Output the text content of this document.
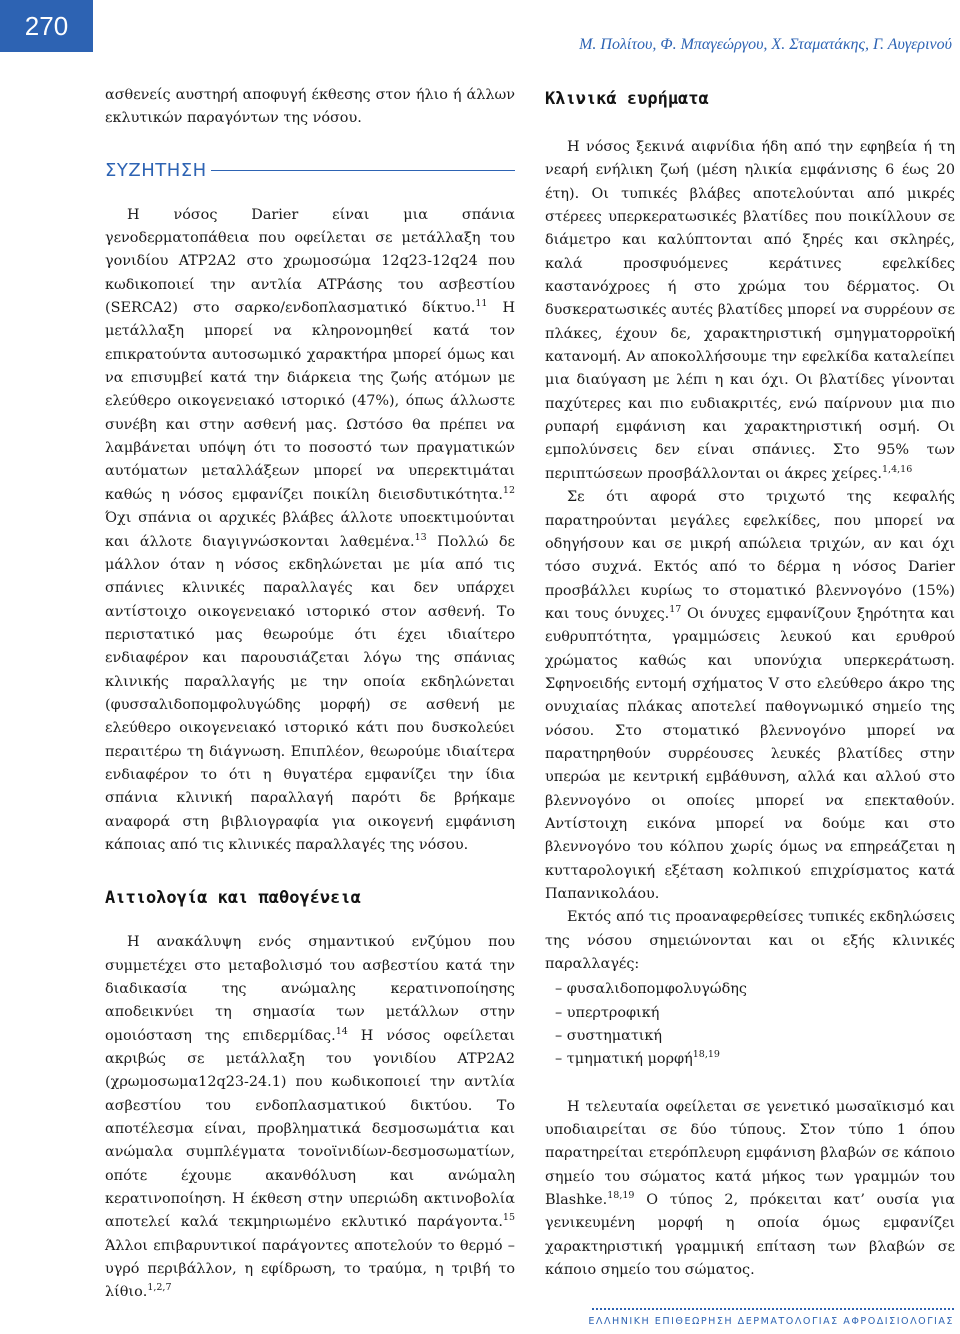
270
Μ. Πολίτου, Φ. Μπαγεώργου, Χ. Σταματάκης, Γ. Αυγερινού

ασθενείς αυστηρή αποφυγή έκθεσης στον ήλιο ή άλλων εκλυτικών παραγόντων της νόσου.

ΣΥΖΗΤΗΣΗ

Η νόσος Darier είναι μια σπάνια γενοδερματοπάθεια που οφείλεται σε μετάλλαξη του γονιδίου ATP2A2 στο χρωμοσώμα 12q23-12q24 που κωδικοποιεί την αντλία ATPάσης του ασβεστίου (SERCA2) στο σαρκο/ενδοπλασματικό δίκτυο.$^{11}$ Η μετάλλαξη μπορεί να κληρονομηθεί κατά τον επικρατούντα αυτοσωμικό χαρακτήρα μπορεί όμως και να επισυμβεί κατά την διάρκεια της ζωής ατόμων με ελεύθερο οικογενειακό ιστορικό (47%), όπως άλλωστε συνέβη και στην ασθενή μας. Ωστόσο θα πρέπει να λαμβάνεται υπόψη ότι το ποσοστό των πραγματικών αυτόματων μεταλλάξεων μπορεί να υπερεκτιμάται καθώς η νόσος εμφανίζει ποικίλη διεισδυτικότητα.$^{12}$ Όχι σπάνια οι αρχικές βλάβες άλλοτε υποεκτιμούνται και άλλοτε διαγιγνώσκονται λαθεμένα.$^{13}$ Πολλώ δε μάλλον όταν η νόσος εκδηλώνεται με μία από τις σπάνιες κλινικές παραλλαγές και δεν υπάρχει αντίστοιχο οικογενειακό ιστορικό στον ασθενή. Το περιστατικό μας θεωρούμε ότι έχει ιδιαίτερο ενδιαφέρον και παρουσιάζεται λόγω της σπάνιας κλινικής παραλλαγής με την οποία εκδηλώνεται (φυσσαλιδοπομφολυγώδης μορφή) σε ασθενή με ελεύθερο οικογενειακό ιστορικό κάτι που δυσκολεύει περαιτέρω τη διάγνωση. Επιπλέον, θεωρούμε ιδιαίτερα ενδιαφέρον το ότι η θυγατέρα εμφανίζει την ίδια σπάνια κλινική παραλλαγή παρότι δε βρήκαμε αναφορά στη βιβλιογραφία για οικογενή εμφάνιση κάποιας από τις κλινικές παραλλαγές της νόσου.

Αιτιολογία και παθογένεια

Η ανακάλυψη ενός σημαντικού ενζύμου που συμμετέχει στο μεταβολισμό του ασβεστίου κατά την διαδικασία της ανώμαλης κερατινοποίησης αποδεικνύει τη σημασία των μετάλλων στην ομοιόσταση της επιδερμίδας.$^{14}$ Η νόσος οφείλεται ακριβώς σε μετάλλαξη του γονιδίου ATP2A2 (χρωμοσωμα12q23-24.1) που κωδικοποιεί την αντλία ασβεστίου του ενδοπλασματικού δικτύου. Το αποτέλεσμα είναι, προβληματικά δεσμοσωμάτια και ανώμαλα συμπλέγματα τονοϊνιδίων-δεσμοσωματίων, οπότε έχουμε ακανθόλυση και ανώμαλη κερατινοποίηση. Η έκθεση στην υπεριώδη ακτινοβολία αποτελεί καλά τεκμηριωμένο εκλυτικό παράγοντα.$^{15}$ Άλλοι επιβαρυντικοί παράγοντες αποτελούν το θερμό –υγρό περιβάλλον, η εφίδρωση, το τραύμα, η τριβή το λίθιο.$^{1,2,7}$

Κλινικά ευρήματα

Η νόσος ξεκινά αιφνίδια ήδη από την εφηβεία ή τη νεαρή ενήλικη ζωή (μέση ηλικία εμφάνισης 6 έως 20 έτη). Οι τυπικές βλάβες αποτελούνται από μικρές στέρεες υπερκερατωσικές βλατίδες που ποικίλλουν σε διάμετρο και καλύπτονται από ξηρές και σκληρές, καλά προσφυόμενες κεράτινες εφελκίδες καστανόχροες ή στο χρώμα του δέρματος. Οι δυσκερατωσικές αυτές βλατίδες μπορεί να συρρέουν σε πλάκες, έχουν δε, χαρακτηριστική σμηγματορροϊκή κατανομή. Αν αποκολλήσουμε την εφελκίδα καταλείπει μια διαύγαση με λέπι η και όχι. Οι βλατίδες γίνονται παχύτερες και πιο ευδιακριτές, ενώ παίρνουν μια πιο ρυπαρή εμφάνιση και χαρακτηριστική οσμή. Οι εμπολύνσεις δεν είναι σπάνιες. Στο 95% των περιπτώσεων προσβάλλονται οι άκρες χείρες.$^{1,4,16}$

Σε ότι αφορά στο τριχωτό της κεφαλής παρατηρούνται μεγάλες εφελκίδες, που μπορεί να οδηγήσουν και σε μικρή απώλεια τριχών, αν και όχι τόσο συχνά. Εκτός από το δέρμα η νόσος Darier προσβάλλει κυρίως το στοματικό βλεννογόνο (15%) και τους όνυχες.$^{17}$ Οι όνυχες εμφανίζουν ξηρότητα και ευθρυπτότητα, γραμμώσεις λευκού και ερυθρού χρώματος καθώς και υπονύχια υπερκεράτωση. Σφηνοειδής εντομή σχήματος V στο ελεύθερο άκρο της ονυχιαίας πλάκας αποτελεί παθογνωμικό σημείο της νόσου. Στο στοματικό βλεννογόνο μπορεί να παρατηρηθούν συρρέουσες λευκές βλατίδες στην υπερώα με κεντρική εμβάθυνση, αλλά και αλλού στο βλεννογόνο οι οποίες μπορεί να επεκταθούν. Αντίστοιχη εικόνα μπορεί να δούμε και στο βλεννογόνο του κόλπου χωρίς όμως να επηρεάζεται η κυτταρολογική εξέταση κολπικού επιχρίσματος κατά Παπανικολάου.

Εκτός από τις προαναφερθείσες τυπικές εκδηλώσεις της νόσου σημειώνονται και οι εξής κλινικές παραλλαγές:

– φυσαλιδοπομφολυγώδης
– υπερτροφική
– συστηματική
– τμηματική μορφή$^{18,19}$

Η τελευταία οφείλεται σε γενετικό μωσαϊκισμό και υποδιαιρείται σε δύο τύπους. Στον τύπο 1 όπου παρατηρείται ετερόπλευρη εμφάνιση βλαβών σε κάποιο σημείο του σώματος κατά μήκος των γραμμών του Blashke.$^{18,19}$ Ο τύπος 2, πρόκειται κατ’ ουσία για γενικευμένη μορφή η οποία όμως εμφανίζει χαρακτηριστική γραμμική επίταση των βλαβών σε κάποιο σημείο του σώματος.

ΕΛΛΗΝΙΚΗ ΕΠΙΘΕΩΡΗΣΗ ΔΕΡΜΑΤΟΛΟΓΙΑΣ ΑΦΡΟΔΙΣΙΟΛΟΓΙΑΣ
